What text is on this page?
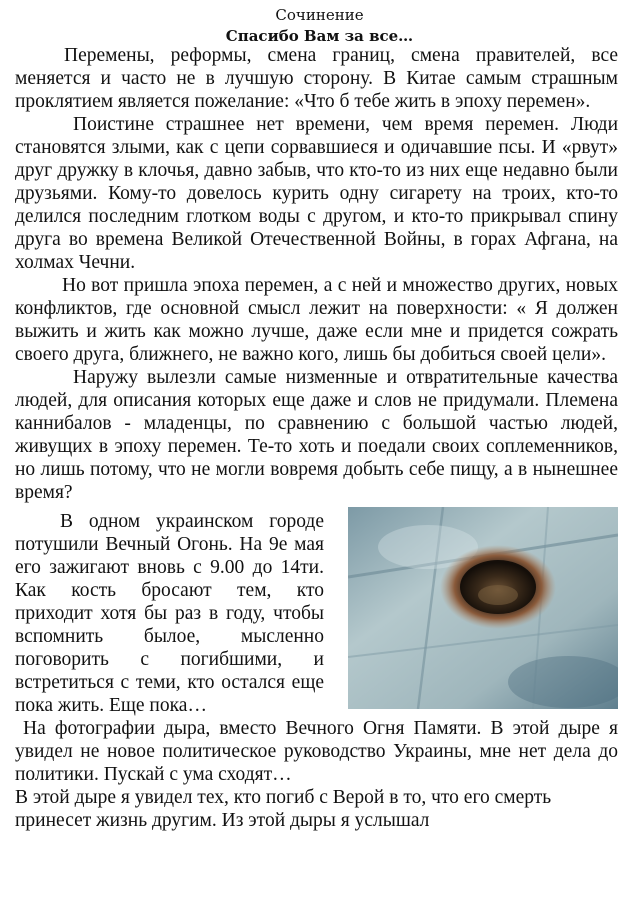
Сочинение
Спасибо Вам за все…

Перемены, реформы, смена границ, смена правителей, все меняется и часто не в лучшую сторону. В Китае самым страшным проклятием является пожелание: «Что б тебе жить в эпоху перемен».

Поистине страшнее нет времени, чем время перемен. Люди становятся злыми, как с цепи сорвавшиеся и одичавшие псы. И «рвут» друг дружку в клочья, давно забыв, что кто-то из них еще недавно были друзьями. Кому-то довелось курить одну сигарету на троих, кто-то делился последним глотком воды с другом, и кто-то прикрывал спину друга во времена Великой Отечественной Войны, в горах Афгана, на холмах Чечни.

Но вот пришла эпоха перемен, а с ней и множество других, новых конфликтов, где основной смысл лежит на поверхности: « Я должен выжить и жить как можно лучше, даже если мне и придется сожрать своего друга, ближнего, не важно кого, лишь бы добиться своей цели».

Наружу вылезли самые низменные и отвратительные качества людей, для описания которых еще даже и слов не придумали. Племена каннибалов - младенцы, по сравнению с большой частью людей, живущих в эпоху перемен. Те-то хоть и поедали своих соплеменников, но лишь потому, что не могли вовремя добыть себе пищу, а в нынешнее время?

В одном украинском городе потушили Вечный Огонь. На 9е мая его зажигают вновь с 9.00 до 14ти. Как кость бросают тем, кто приходит хотя бы раз в году, чтобы вспомнить былое, мысленно поговорить с погибшими, и встретиться с теми, кто остался еще пока жить. Еще пока…

На фотографии дыра, вместо Вечного Огня Памяти. В этой дыре я увидел не новое политическое руководство Украины, мне нет дела до политики. Пускай с ума сходят…

В этой дыре я увидел тех, кто погиб с Верой в то, что его смерть принесет жизнь другим. Из этой дыры я услышал
